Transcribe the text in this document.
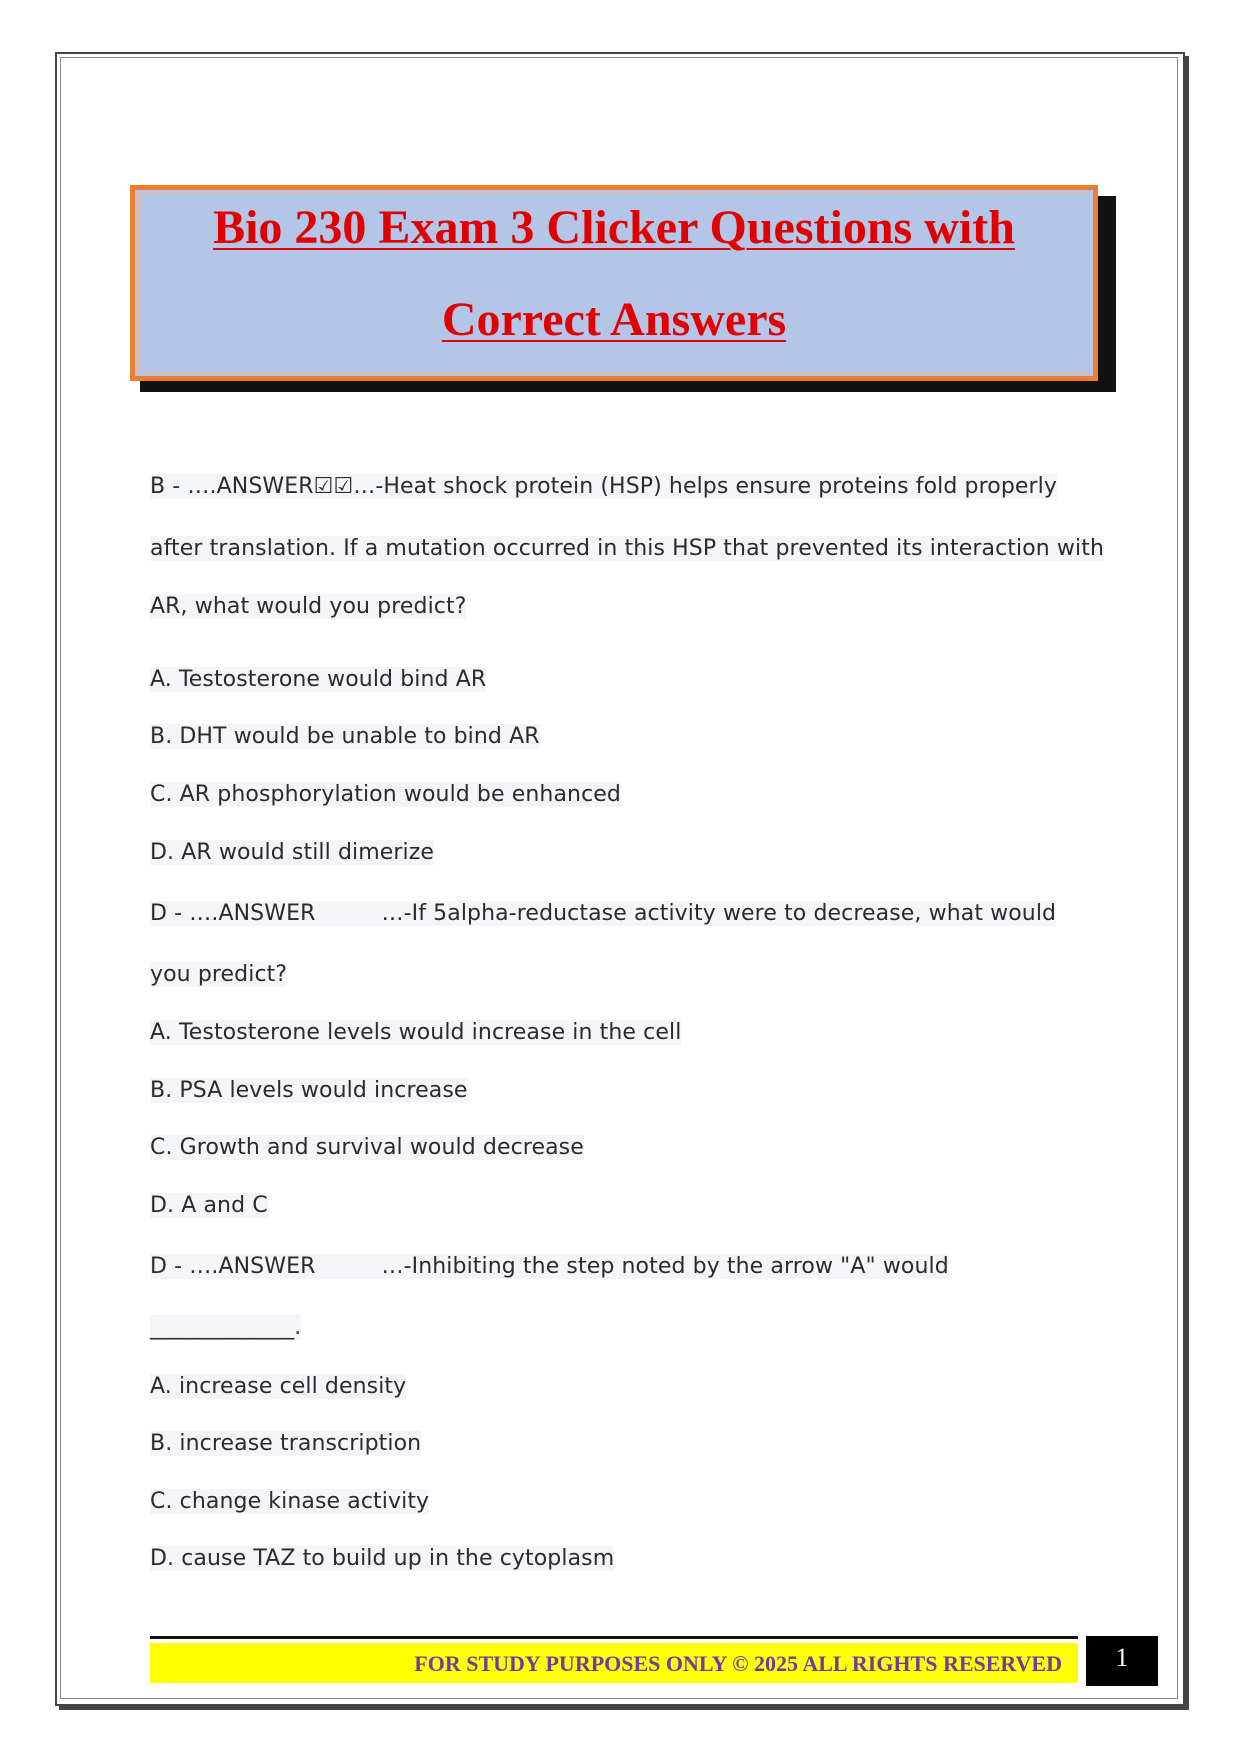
Bio 230 Exam 3 Clicker Questions with
Correct Answers
B - ….ANSWER☑☑…-Heat shock protein (HSP) helps ensure proteins fold properly
after translation. If a mutation occurred in this HSP that prevented its interaction with
AR, what would you predict?
A. Testosterone would bind AR
B. DHT would be unable to bind AR
C. AR phosphorylation would be enhanced
D. AR would still dimerize
D - ….ANSWER	…-If 5alpha-reductase activity were to decrease, what would
you predict?
A. Testosterone levels would increase in the cell
B. PSA levels would increase
C. Growth and survival would decrease
D. A and C
D - ….ANSWER	…-Inhibiting the step noted by the arrow "A" would
_____________.
A. increase cell density
B. increase transcription
C. change kinase activity
D. cause TAZ to build up in the cytoplasm
FOR STUDY PURPOSES ONLY © 2025 ALL RIGHTS RESERVED	1
